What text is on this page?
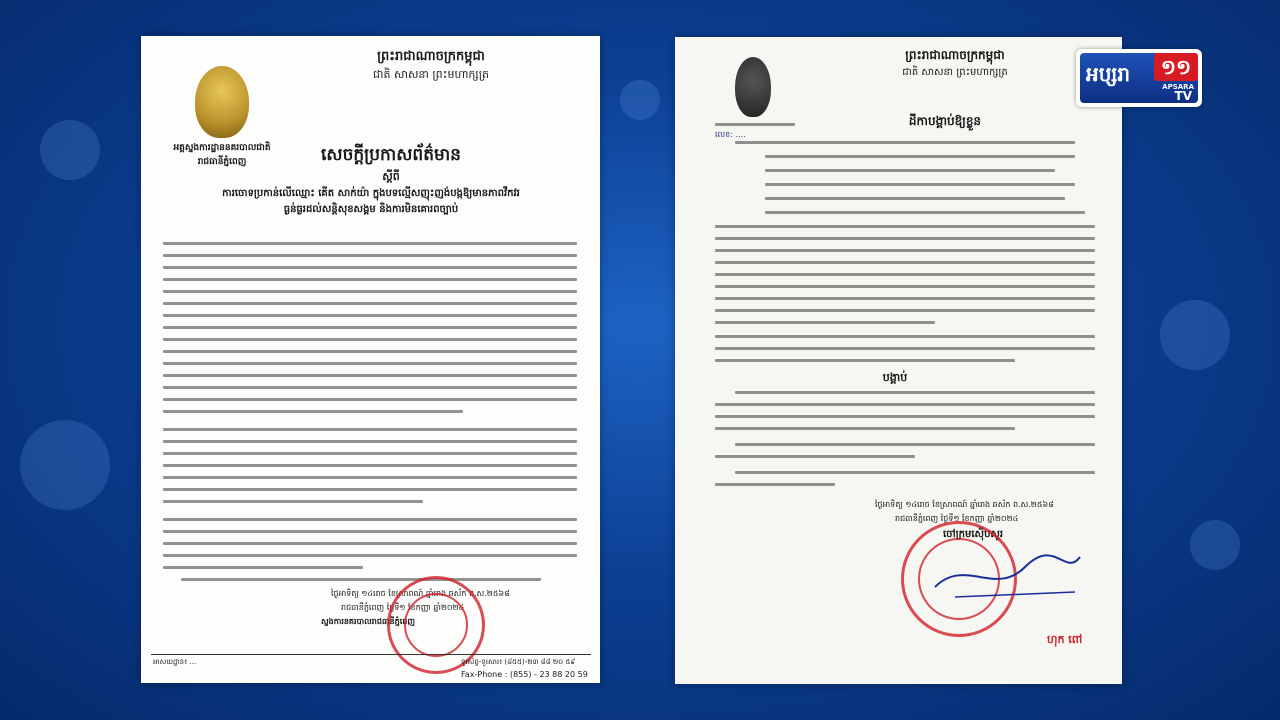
ព្រះរាជាណាចក្រកម្ពុជា
ជាតិ សាសនា ព្រះមហាក្សត្រ
អគ្គស្នងការដ្ឋាននគរបាលជាតិ
រាជធានីភ្នំពេញ	សេចក្ដីប្រកាសព័ត៌មាន
ស្ដីពី
ការចោទប្រកាន់លើឈ្មោះ គើត សាក់យ៉ា ក្នុងបទល្មើសញុះញង់បង្កឱ្យមានភាពវឹកវរ
ធ្ងន់ធ្ងរដល់សន្តិសុខសង្គម និងការមិនគោរពច្បាប់
ថ្ងៃអាទិត្យ ១៤រោច ខែស្រាពណ៍ ឆ្នាំរោង ឆស័ក ព.ស.២៥៦៨
រាជធានីភ្នំពេញ ថ្ងៃទី១ ខែកញ្ញា ឆ្នាំ២០២៤
ស្នងការនគរបាលរាជធានីភ្នំពេញ
អាសយដ្ឋាន៖ ...	ទូរស័ព្ទ-ទូរសារ៖ (៨៥៥)-២៣ ៨៨ ២០ ៥៩
Fax-Phone : (855) - 23 88 20 59
ព្រះរាជាណាចក្រកម្ពុជា
ជាតិ សាសនា ព្រះមហាក្សត្រ
លេខ: ....
ដីកាបង្គាប់ឱ្យខ្លួន
បង្គាប់
ថ្ងៃអាទិត្យ ១៤រោច ខែស្រាពណ៍ ឆ្នាំរោង ឆស័ក ព.ស.២៥៦៨
រាជធានីភ្នំពេញ ថ្ងៃទី១ ខែកញ្ញា ឆ្នាំ២០២៤
ចៅក្រមស៊ើបសួរ
ហុក ពៅ
អប្សរា	១១
APSARA
TV
